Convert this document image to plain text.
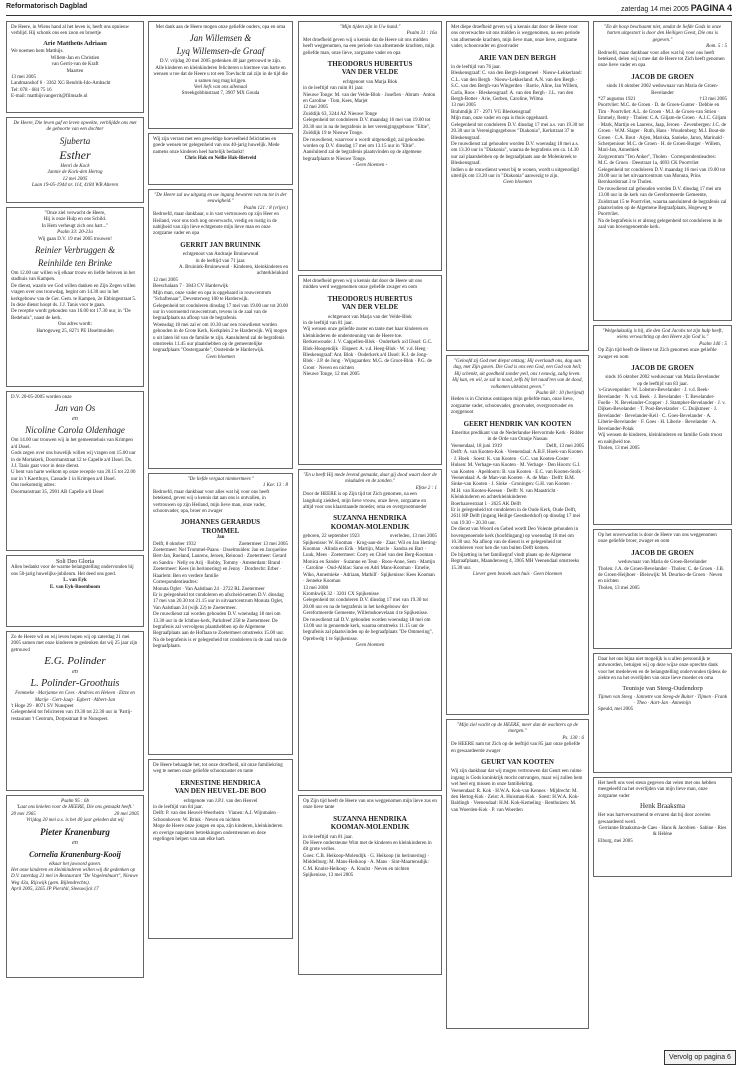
Reformatorisch Dagblad	zaterdag 14 mei 2005 PAGINA 4
De Heere, in Wiens hand al het leven is, heeft ons opnieuw verblijd. Hij schonk ons een zoon en broertje
Arie Mattheüs Adriaan
We noemen hem Matthijs.
Willem-Jan en Christien
van Gerrit-van de Kraft
Maarten
13 mei 2005
Landmanshof 6 · 3362 XG Bendrik-Ido-Ambacht
Tel: 078 - 684 75 16
E-mail: matthijsvangerrit@filmsafe.nl
De Heere, Die leven gaf en leven opwekte, verblijdde ons met de geboorte van een dochter
Sjuberta
Esther
Henri de Kock
Jannie de Kock-den Hertog
12 mei 2005
Laan 19-05-1944 nr. 114, 4184 WB Alteren
"Onze ziel verwacht de Heere,
Hij is onze Hulp en ons Schild.
In Hem verheugt zich ons hart..."
Psalm 33: 20-21a
Wij gaan D.V. 19 mei 2005 trouwen!
Reinier Verbruggen &
Reinhilde ten Brinke
Om 12.00 uur willen wij elkaar trouw en liefde beloven in het stadhuis van Kampen.
De dienst, waarin we God willen danken en Zijn Zegen willen vragen over ons trouwdag, begint om 14.30 uur in het kerkgebouw van de Ger. Gem. te Kampen, 2e Ebbingestraat 5. In deze dienst hoopt ds. J.J. Tanis voor te gaan.
De receptie wordt gehouden van 16.00 tot 17.30 uur, in "De Bedehuis", naast de kerk.
Ons adres wordt:
Hartogsweg 25, 8271 PE IJsselmuiden
D.V. 20-05-2005 worden onze
Jan van Os
en
Nicoline Carola Oldenhage
Om 14.00 uur trouwen wij in het gemeentehuis van Krimpen a/d IJssel.
Gods zegen over ons huwelijk willen wij vragen om 15.00 uur in de Mortakerk, Doormanstraat 12 te Capelle a/d IJssel. Ds. J.J. Tanis gaat voor in deze dienst.
U bent van harte welkom op onze receptie van 20.15 tot 22.00 uur in 't Kaerthuys, Cassade 1 in Krimpen a/d IJssel.
Ons toekomstig adres:
Doormanstraat 35, 2901 AB Capelle a/d IJssel
Soli Deo Gloria
Allen bedankt voor de warme belangstelling ondervonden bij ons 50-jarig huwelijks-jubileum. Het deed ons goed.
L. van Eyk
E. van Eyk-Rosenboom
Zo de Heere wil en wij leven hopen wij op zaterdag 21 mei 2005 samen met onze kinderen te gedenken dat wij 25 jaar zijn getrouwd
E.G. Polinder
en
L. Polinder-Groothuis
Femmeke · Marjanne en Cees · Andries en Heleen · Eltze en Marije · Gert-Jaap · Egbert · Albert-Jan
't Hoge 29 · 8071 SV Nunspeet
Gelegenheid tot feliciteren van 19.30 tot 22.30 uur in 'Partij-restaurant 't Centrum, Dorpsstraat 8 te Nunspeet.
Psalm 95 : 6b
'Laat ons knielen voor de HEERE, Die ons gemaakt heeft.'
20 mei 1965	20 mei 2005
Vrijdag 20 mei a.s. is het 40 jaar geleden dat wij
Pieter Kranenburg
en
Cornelia Kranenburg-Kooij
elkaar het jawoord gaven.
Het onze kinderen en kleinkinderen willen wij dit gedenken op D.V. zaterdag 21 mei in Restaurant "De Vogelenbuurt", Nieuwe Weg 43a, Rijswijk (gem. Bijlendrechts).
April 2005, 3265 JP Piershil, Sleeuwijck 17
Met dank aan de Heere mogen onze geliefde ouders, opa en oma
Jan Willemsen &
Lyq Willemsen-de Graaf
D.V. vrijdag 20 mei 2005 gedenken 40 jaar getrouwd te zijn.
Alle kinderen en kleinkinderen feliciteren u hiermee van harte en wensen u toe dat de Heere u tot een Toevlucht zal zijn in de tijd die u samen nog mag krijgen.
Veel liefs van ons allemaal
Streekgobbinstraat 7, 3907 MX Gouda
Wij zijn verrast met een geweldige hoeveelheid felicitaties en goede wensen ter gelegenheid van ons 40-jarig huwelijk. Mede namens onze kinderen heel hartelijk bedankt!
Chris Hak en Nellie Hak-Bietveld
"De Heere zal uw uitgang en uw ingang bewaren van nu tot in der eeuwigheid."
Psalm 121 : 8 (vrijer.)
Bedroefd, maar dankbaar, u in vast vertrouwen op zijn Heer en Heiland, voor ons toch nog onverwacht, vredig en rustig in de nabijheid van zijn lieve echtgenote mijn lieve man en onze zorgzame vader en opa
GERRIT JAN BRUININK
echtgenoot van Andrasje Bruinewoud
in de leeftijd van 71 jaar.
A. Bruinink-Bruinewoud · Kinderen, kleinkinderen en achterkleinkind
12 mei 2005
Beeschalaan 7 · 3843 CV Harderwijk
Mijn man, onze vader en opa is opgebaard in rouwcentrum "Schaftenaar", Deventerweg 100 te Harderwijk.
Gelegenheid tot condoleren dinsdag 17 mei van 19.00 uur tot 20.00 uur in voornoemd rouwcentrum, tevens in de zaal van de begraafplaats na afloop van de begrafenis.
Woensdag 18 mei zal er om 10.30 uur een rouwdienst worden gehouden in de Grote Kerk, Kerkplein 2 te Harderwijk. Wij mogen u uit laten lid van de familie te zijn. Aansluitend zal de begrafenis omstreeks 11.45 uur plaatshebben op de gemeentelijke begraafplaats "Oostergaarde", Oosteinde te Harderwijk.
Geen bloemen
"De liefde vergaat nimmermeer."
1 Kor. 13 : 8
Bedroefd, maar dankbaar voor alles wat hij voor ons heeft betekend, geven wij u kennis dat aan ons is ontvallen, in vertrouwen op zijn Heiland, mijn lieve man, onze vader, schoonvader, opa, broer en zwager
JOHANNES GERARDUS
TROMMEL
Jan
Delft, 8 oktober 1932	Zoetermeer 13 mei 2005
Zoetermeer: Nel Trommel-Paans · IJsselmuiden: Jan en Jacqueline Bert-Jan, Roeland, Laurens, Jeroen, Reinoud · Zoetermeer: Gerard en Sandra · Nelly en Arij · Bobby, Tommy · Amsterdam: Brand · Zoetermeer: Kees (in herinnering) en Jenny · Dordrecht: Erber · Haarlem: Ben en verdere familie
Correspondentieadres:
Monuta Oglet · Van Aalstlaan 24 · 2722 RL Zoetermeer
Er is gelegenheid tot condoleren en afscheid-nemen D.V. dinsdag 17 mei van 20.30 tot 21.15 uur in uitvaartcentrum Monuta Oglet, Van Aalstlaan 24 (wijk 22) te Zoetermeer.
De rouwdienst zal worden gehouden D.V. woensdag 18 mei om 13.30 uur in de Ichthus-kerk, Parkdreef 258 te Zoetermeer. De begrafenis zal vervolgens plaatshebben op de Algemene Begraafplaats aan de Hoflaan te Zoetermeer omstreeks 15.00 uur.
Na de begrafenis is er gelegenheid tot condoleren in de zaal van de begraafplaats.
De Heere behaagde het, tot onze droefheid, uit onze familiekring weg te nemen onze geliefde schoonzuster en tante
ERNESTINE HENDRICA
VAN DEN HEUVEL-DE BOO
echtgenote van J.P.J. van den Heuvel
in de leeftijd van 84 jaar.
Delft: P. van den Heuvel-Weerheim · Vianen: A.J. Wijnmalen · Schoonhoven: W. Brink · Neven en nichten
Moge de Heere onze jongen en opa, zijn kinderen, kleinkinderen en overige nagelaten betrekkingen ondersteunen en deze regelingen helpen van aan elke hart.
"Mijn tijden zijn in Uw hand."
Psalm 31 : 16a
Met droefheid geven wij u kennis dat de Heere uit ons midden heeft weggenomen, na een periode van afnemende krachten, mijn geliefde man, onze lieve, zorgzame vader en opa
THEODORUS HUBERTUS
VAN DER VELDE
echtgenoot van Marja Blok
in de leeftijd van ruim 81 jaar.
Nieuwe Tonge: M. van der Velde-Blok · Josefien · Abram · Anton en Caroline · Tom, Kees, Marjet
12 mei 2005
Zuiddijk 63, 3244 AZ Nieuwe Tonge
Gelegenheid tot condoleren D.V. maandag 16 mei van 19.00 tot 20.30 uur in na de begrafenis in het verenigingsgebouw "Eltie", Zuiddijk 19 te Nieuwe Tonge.
De rouwdienst, waarvoor u wordt uitgenodigd, zal gehouden worden op D.V. dinsdag 17 mei om 13.15 uur in "Eltie".
Aansluitend zal de begrafenis plaatsvinden op de algemene begraafplaats te Nieuwe Tonge.
- Geen bloemen -
Met droefheid geven wij u kennis dat door de Heere uit ons midden werd weggenomen onze geliefde zwager en oom
THEODORUS HUBERTUS
VAN DER VELDE
echtgenoot van Marja van der Velde-Blok
in de leeftijd van 81 jaar.
Wij wensen onze geliefde zuster en tante met haar kinderen en kleinkinderen de ondersteuning van de Heere toe.
Berkenwoude: J. V. Cappellen-Blok · Ouderkerk a/d IJssel: G.C. Blok-Hoogendijk · Elspeet: A. v.d. Heeg-Blok · W. v.d. Heeg · Bleskensgraaf: Ant. Blok · Ouderkerk a/d IJssel: K.J. de Jong-Blok · J.P. de Jong · Wijngaarden: M.G. de Groot-Blok · P.G. de Groot · Neven en nichten
Nieuwe Tonge, 12 mei 2005
"En u heeft Hij mede levend gemaakt, daar gij dood waart door de misdaden en de zonden."
Efeze 2 : 1
Door de HEERE is op Zijn tijd tot Zich genomen, na een langdurig ziekbed, mijn lieve vrouw, onze lieve, zorgzame en altijd voor ons klaarstaande moeder, oma en overgrootmoeder
SUZANNA HENDRIKA
KOOMAN-MOLENDIJK
geboren, 22 september 1923	overleden, 13 mei 2005
Spijkenisse: W. Kooman · Krog-aan-de · Zaas: Wil en Jan Hetting-Kooman · Alinda en Erik · Martijn, Marcle · Sandra en Bart · Luuk, Mees · Zoetermeer: Corry en Chiel van den Berg-Kooman · Monica en Sander · Suzanne en Teun · Roos-Anne, Sem · Martijn · Caroline · Oud-Alblas: Sano en Adri Mans-Kooman · Emelie, Wiko, Annemieke · Adriaan, Mathilf · Spijkenisse: Kees Kooman · Jenneke Kooman
13 mei 2008
Kromkwijk 32 · 3201 CX Spijkenisse
Gelegenheid tot condoleren D.V. dinsdag 17 mei van 19.30 tot 20.00 uur en na de begrafenis in het kerkgebouw der Gereformeerde Gemeente, Willemshoevelaan 4 te Spijkenisse.
De rouwdienst zal D.V. gehouden worden woensdag 18 mei om 13.00 uur in genoemde kerk, waarna omstreeks 11.15 uur de begrafenis zal plaatsvinden op de begraafplaats "De Ommering", Oprebwdg 1 te Spijkenisse.
Geen bloemen
Op Zijn tijd heeft de Heere van ons weggenomen mijn lieve zus en onze lieve tante
SUZANNA HENDRIKA
KOOMAN-MOLENDIJK
in de leeftijd van 81 jaar.
De Heere ondersteune Wim met de kinderen en kleinkinderen in dit grote verlies.
Goes: C.B. Heikoop-Molendijk · G. Heikoop (in herinnering) · Middelburg: M. Mans-Heikoop · A. Mans · Sint-Maartensdijk: C.M. Knulst-Heikoop · A. Knulst · Neven en nichten
Spijkenisse, 13 mei 2005
Met diepe droefheid geven wij u kennis dat door de Heere voor ons onverwachte uit ons midden is weggenomen, na een periode van afnemende krachten, mijn lieve man, onze lieve, zorgzame vader, schoonvader en grootvader
ARIE VAN DEN BERGH
in de leeftijd van 76 jaar.
Bleskensgraaf: C. van den Bergh-Jongeneel · Nieuw-Lekkerland: C.L. van den Bergh · Nieuw-Lekkerland: A.N. van den Bergh · S.C. van den Bergh-van Wingerden · Barrie, Aline, Jan Willem, Carla, Roos · Bleskensgraaf: A. van den Bergh · J.L. van den Bergh-Botter · Arie, Gerben, Caroline, Wilma
13 mei 2005
Brahmdijk 37 · 2971 VG Bleskensgraaf
Mijn man, onze vader en opa is thuis opgebaard.
Gelegenheid tot condoleren D.V. dinsdag 17 mei a.s. van 19.30 tot 20.30 uur in Verenigingsgebouw "Diakonia", Kerkstraat 37 te Bleskensgraaf.
De rouwdienst zal gehouden worden D.V. woensdag 18 mei a.s. om 13.30 uur in "Diakonia", waarna de begrafenis om ca. 14.30 uur zal plaatshebben op de begraafplaats aan de Molenkreek te Bleskensgraaf.
Indien u de rouwdienst wenst bij te wonen, wordt u uitgenodigd uiterlijk om 13.20 uur in "Diakonia" aanwezig te zijn.
Geen bloemen
"Geloofd zij God met diepst ontzag; Hij overlaadt ons, dag aan dag, met Zijn gaven. Die God is ons een God, een God van heil; Hij schenkt, uit goedheid zonder peil, ons t eeuwig, zalig leven. Hij kan, en wil, ze zal in nood, zelfs bij het naad'ren van de dood, volkomen uitkomst geven."
Psalm 68 : 10 (berijmd)
Heden is in Christus ontslapen mijn geliefde man, onze lieve, zorgzame vader, schoonvader, grootvader, overgrootvader en zorggenoot
GEERT HENDRIK VAN KOOTEN
Emeritus predikant van de Nederlandse Hervormde Kerk · Ridder in de Orde van Oranje Nassau
Veenendaal, 18 juni 1919	Delft, 13 mei 2005
Delft: A. van Kooten-Kok · Veenendaal: A.B.F. Hoek-van Kooten · J. Hoek · Soest: K. van Kooten · G.C. van Kooten-Coster · Hulsen: M. Verhage-van Kooten · M. Verhage · Den Hoorn: G.J. van Kooten · Apeldoorn: B. van Kooten · E.C. van Kooten-Stolk · Veenendaal: A. de Man-van Kooten · A. de Man · Delft: B.M. Sinke-van Kooten · J. Sinke · Groningen: G.H. van Kooten · M.H. van Kooten-Keesen · Delft: N. van Maastricht · Kleinkinderen en achterkleinkinderen
Boerhaavestraat 1 · 2625 AK Delft
Er is gelegenheid tot condoleren in de Oude Kerk, Oude Delft, 2611 HP Delft (ingang Heilige Geestkerkhof) op dinsdag 17 mei van 19.30 – 20.30 uur.
De dienst van Woord en Gebed wordt Deo Volente gehouden in bovengenoemde kerk (hoofdingang) op woensdag 18 mei om 10.30 uur. Na afloop van de dienst is er gelegenheid tot condoleren voor hen die van buiten Delft komen.
De bijzetting in het familiegraf vindt plaats op de Algemene Begraafplaats, Maandenweg 4, 3905 MH Veenendaal omstreeks 15.30 uur.
Liever geen bezoek aan huis · Geen bloemen
"Mijn ziel wacht op de HEERE, meer dan de wachters op de morgen."
Ps. 130 : 6
De HEERE nam tot Zich op de leeftijd van 85 jaar onze geliefde en gewaardeerde zwager
GEURT VAN KOOTEN
Wij zijn dankbaar dat wij mogen vertrouwen dat Geurt een ruime ingang is Gods koninkrijk mocht ontvangen, maar wij zullen hem wel heel erg missen in onze familiekring.
Veenendaal: R. Kok · H.W.A. Kok-van Kennes · Mijdrecht: M. den Hertog-Kok · Zeist: A. Huisman-Kok · Soest: H.W.A. Kok-Baldingh · Veenendaal: H.M. Kok-Kemeling · Benthuizen: M. van Woerden-Kok · P. van Woerden
"En de hoop beschaamt niet, omdat de liefde Gods in onze harten uitgestort is door den Heiligen Geest, Die ons is gegeven."
Rom. 5 : 5
Bedroefd, maar dankbaar voor alles wat hij voor ons heeft betekend, delen wij u mee dat de Heere tot Zich heeft genomen onze lieve vader en opa
JACOB DE GROEN
sinds 16 oktober 2002 weduwnaar van Maria de Groen-Bevelander
*27 augustus 1921	†13 mei 2005
Poortvliet: M.C. de Groen · D. de Groen-Gunter · Debbie en Tim · Poortvliet: A.L. de Groen · M.J. de Groen-van Strien · Emmely, Remy · Tholen: C.A. Giljam-de Groen · A.J.C. Giljam · Mark, Martijn en Laurens, Jaap, Jeroen · Zevenbergen: J.C. de Groen · W.M. Slager · Ruth, Hans · Woudenberg: M.J. Bout-de Groen · C.A. Bout · Arjen, Mariska, Sanieke, Jaron, Marinald · Scherpenisse: M.C. de Groen · H. de Groen-Burger · Willem, Mari-Jan, Annemiek
Zorgcentrum "Ten Anker", Tholen · Correspondentieadres: M.C. de Groen · Deestraat 1a, 4693 CK Poortvliet
Gelegenheid tot condoleren D.V. maandag 16 mei van 19.00 tot 20.00 uur in het uitvaartcentrum van Monuta, Prins Bernhardstraat 3 te Tholen.
De rouwdienst zal gehouden worden D.V. dinsdag 17 mei om 13.00 uur in de kerk van de Gereformeerde Gemeente, Zuidstraat 15 te Poortvliet, waarna aansluitend de begrafenis zal plaatsvinden op de Algemene Begraafplaats, Hogeweg te Poortvliet.
Na de begrafenis is er alsnog gelegenheid tot condoleren in de zaal van bovengenoemde kerk.
"Welgelukzalig is hij, die den God Jacobs tot zijn hulp heeft, wiens verwachting op den Heere zijn God is."
Psalm 146 : 5
Op Zijn tijd heeft de Heere tot Zich genomen onze geliefde zwager en oom
JACOB DE GROEN
sinds 16 oktober 2002 weduwnaar van Maria Bevelander
op de leeftijd van 83 jaar.
's-Gravenpolder: W. Lobston-Bevelander · J. v.d. Beek-Bevelander · N. v.d. Beek · J. Bevelander · T. Bevelander-Foelle · N. Bevelander-Cropper · J. Stampher-Bevelander · J. v. Dijken-Bevelander · T. Post-Bevelander · C. Duijkmeer · J. Bevelander · Bevelander-Keil · C. Goes-Bevelander · A. Liberie-Bevelander · F. Goes · H. Liberie · Bevelander · A. Bevelander-Polak
Wij wensen de kinderen, kleinkinderen en familie Gods troost en nabijheid toe.
Tholen, 13 mei 2005
Op het onverwachts is door de Heere van ons weggenomen onze geliefde broer, zwager en oom
JACOB DE GROEN
weduwnaar van Maria de Groen-Bevelander
Tholen: J.A. de Groen-Bevelander · Tholen: C. de Groen · J.B. de Groen-Heijboer · Bleiswijk: M. Deurloo-de Groen · Neven en nichten
Tholen, 13 mei 2005
Daar het ons bijna niet mogelijk is u allen persoonlijk te antwoorden, betuigen wij op deze wijze onze oprechte dank voor het medeleven en de belangstelling ondervonden tijdens de ziekte en na het overlijden van onze lieve moeder en oma
Teunisje van Steeg-Oudendorp
Tijmen van Steeg · Jannette van Steeg-de Buiter · Tijmen · Frank · Theo · Aart-Jan · Annemijn
Speuld, mei 2005
Het heeft ons veel steun gegeven dat velen met ons hebben meegeleefd na het overlijden van mijn lieve man, onze zorgzame vader
Henk Braaksma
Het was hartverwarmend te ervaren dat hij door zovelen gewaardeerd werd.
Gerrianne Braaksma-de Caes · Hans & Jacobien · Sabine · Ries & Hélène
Elburg, mei 2005
Vervolg op pagina 6
